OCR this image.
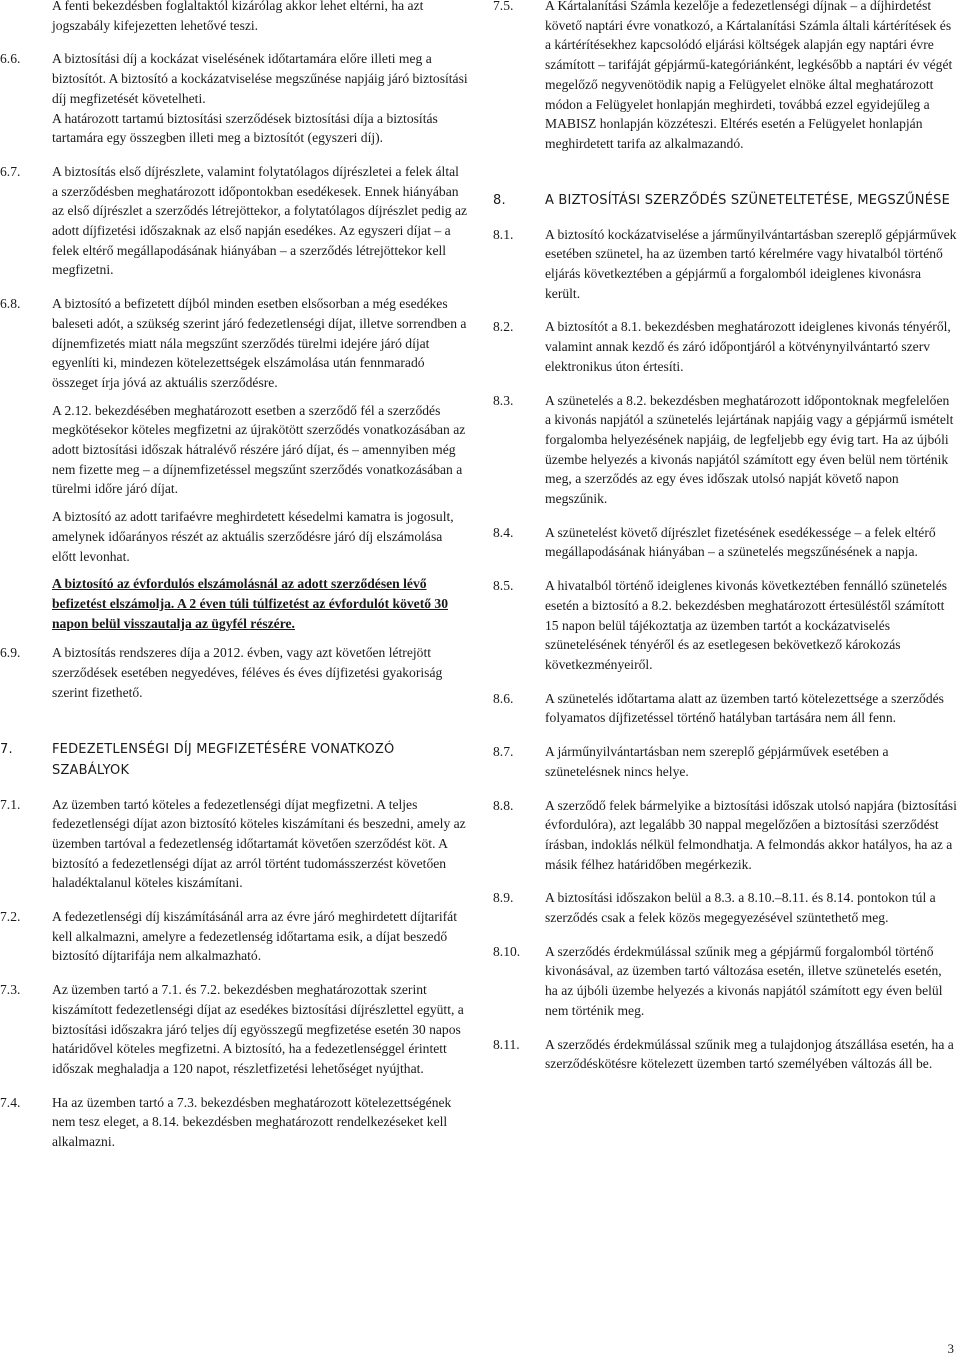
A fenti bekezdésben foglaltaktól kizárólag akkor lehet eltérni, ha azt jogszabály kifejezetten lehetővé teszi.
6.6.	A biztosítási díj a kockázat viselésének időtartamára előre illeti meg a biztosítót. A biztosító a kockázatviselése megszűnése napjáig járó biztosítási díj megfizetését követelheti.
A határozott tartamú biztosítási szerződések biztosítási díja a biztosítás tartamára egy összegben illeti meg a biztosítót (egyszeri díj).
6.7.	A biztosítás első díjrészlete, valamint folytatólagos díjrészletei a felek által a szerződésben meghatározott időpontokban esedékesek. Ennek hiányában az első díjrészlet a szerződés létrejöttekor, a folytatólagos díjrészlet pedig az adott díjfizetési időszaknak az első napján esedékes. Az egyszeri díjat – a felek eltérő megállapodásának hiányában – a szerződés létrejöttekor kell megfizetni.
6.8.	A biztosító a befizetett díjból minden esetben elsősorban a még esedékes baleseti adót, a szükség szerint járó fedezetlenségi díjat, illetve sorrendben a díjnemfizetés miatt nála megszűnt szerződés türelmi idejére járó díjat egyenlíti ki, mindezen kötelezettségek elszámolása után fennmaradó összeget írja jóvá az aktuális szerződésre.
A 2.12. bekezdésében meghatározott esetben a szerződő fél a szerződés megkötésekor köteles megfizetni az újrakötött szerződés vonatkozásában az adott biztosítási időszak hátralévő részére járó díjat, és – amennyiben még nem fizette meg – a díjnemfizetéssel megszűnt szerződés vonatkozásában a türelmi időre járó díjat.
A biztosító az adott tarifaévre meghirdetett késedelmi kamatra is jogosult, amelynek időarányos részét az aktuális szerződésre járó díj elszámolása előtt levonhat.
A biztosító az évfordulós elszámolásnál az adott szerződésen lévő befizetést elszámolja. A 2 éven túli túlfizetést az évfordulót követő 30 napon belül visszautalja az ügyfél részére.
6.9.	A biztosítás rendszeres díja a 2012. évben, vagy azt követően létrejött szerződések esetében negyedéves, féléves és éves díjfizetési gyakoriság szerint fizethető.
7.	FEDEZETLENSÉGI DÍJ MEGFIZETÉSÉRE VONATKOZÓ SZABÁLYOK
7.1.	Az üzemben tartó köteles a fedezetlenségi díjat megfizetni. A teljes fedezetlenségi díjat azon biztosító köteles kiszámítani és beszedni, amely az üzemben tartóval a fedezetlenség időtartamát követően szerződést köt. A biztosító a fedezetlenségi díjat az arról történt tudomásszerzést követően haladéktalanul köteles kiszámítani.
7.2.	A fedezetlenségi díj kiszámításánál arra az évre járó meghirdetett díjtarifát kell alkalmazni, amelyre a fedezetlenség időtartama esik, a díjat beszedő biztosító díjtarifája nem alkalmazható.
7.3.	Az üzemben tartó a 7.1. és 7.2. bekezdésben meghatározottak szerint kiszámított fedezetlenségi díjat az esedékes biztosítási díjrészlettel együtt, a biztosítási időszakra járó teljes díj egyösszegű megfizetése esetén 30 napos határidővel köteles megfizetni. A biztosító, ha a fedezetlenséggel érintett időszak meghaladja a 120 napot, részletfizetési lehetőséget nyújthat.
7.4.	Ha az üzemben tartó a 7.3. bekezdésben meghatározott kötelezettségének nem tesz eleget, a 8.14. bekezdésben meghatározott rendelkezéseket kell alkalmazni.
7.5.	A Kártalanítási Számla kezelője a fedezetlenségi díjnak – a díjhirdetést követő naptári évre vonatkozó, a Kártalanítási Számla általi kártérítések és a kártérítésekhez kapcsolódó eljárási költségek alapján egy naptári évre számított – tarifáját gépjármű-kategóriánként, legkésőbb a naptári év végét megelőző negyvenötödik napig a Felügyelet elnöke által meghatározott módon a Felügyelet honlapján meghirdeti, továbbá ezzel egyidejűleg a MABISZ honlapján közzéteszi. Eltérés esetén a Felügyelet honlapján meghirdetett tarifa az alkalmazandó.
8.	A BIZTOSÍTÁSI SZERZŐDÉS SZÜNETELTETÉSE, MEGSZŰNÉSE
8.1.	A biztosító kockázatviselése a járműnyilvántartásban szereplő gépjárművek esetében szünetel, ha az üzemben tartó kérelmére vagy hivatalból történő eljárás következtében a gépjármű a forgalomból ideiglenes kivonásra került.
8.2.	A biztosítót a 8.1. bekezdésben meghatározott ideiglenes kivonás tényéről, valamint annak kezdő és záró időpontjáról a kötvénynyilvántartó szerv elektronikus úton értesíti.
8.3.	A szünetelés a 8.2. bekezdésben meghatározott időpontoknak megfelelően a kivonás napjától a szünetelés lejártának napjáig vagy a gépjármű ismételt forgalomba helyezésének napjáig, de legfeljebb egy évig tart. Ha az újbóli üzembe helyezés a kivonás napjától számított egy éven belül nem történik meg, a szerződés az egy éves időszak utolsó napját követő napon megszűnik.
8.4.	A szünetelést követő díjrészlet fizetésének esedékessége – a felek eltérő megállapodásának hiányában – a szünetelés megszűnésének a napja.
8.5.	A hivatalból történő ideiglenes kivonás következtében fennálló szünetelés esetén a biztosító a 8.2. bekezdésben meghatározott értesüléstől számított 15 napon belül tájékoztatja az üzemben tartót a kockázatviselés szünetelésének tényéről és az esetlegesen bekövetkező károkozás következményeiről.
8.6.	A szünetelés időtartama alatt az üzemben tartó kötelezettsége a szerződés folyamatos díjfizetéssel történő hatályban tartására nem áll fenn.
8.7.	A járműnyilvántartásban nem szereplő gépjárművek esetében a szünetelésnek nincs helye.
8.8.	A szerződő felek bármelyike a biztosítási időszak utolsó napjára (biztosítási évfordulóra), azt legalább 30 nappal megelőzően a biztosítási szerződést írásban, indoklás nélkül felmondhatja. A felmondás akkor hatályos, ha az a másik félhez határidőben megérkezik.
8.9.	A biztosítási időszakon belül a 8.3. a 8.10.–8.11. és 8.14. pontokon túl a szerződés csak a felek közös megegyezésével szüntethető meg.
8.10.	A szerződés érdekmúlással szűnik meg a gépjármű forgalomból történő kivonásával, az üzemben tartó változása esetén, illetve szünetelés esetén, ha az újbóli üzembe helyezés a kivonás napjától számított egy éven belül nem történik meg.
8.11.	A szerződés érdekmúlással szűnik meg a tulajdonjog átszállása esetén, ha a szerződéskötésre kötelezett üzemben tartó személyében változás áll be.
3
